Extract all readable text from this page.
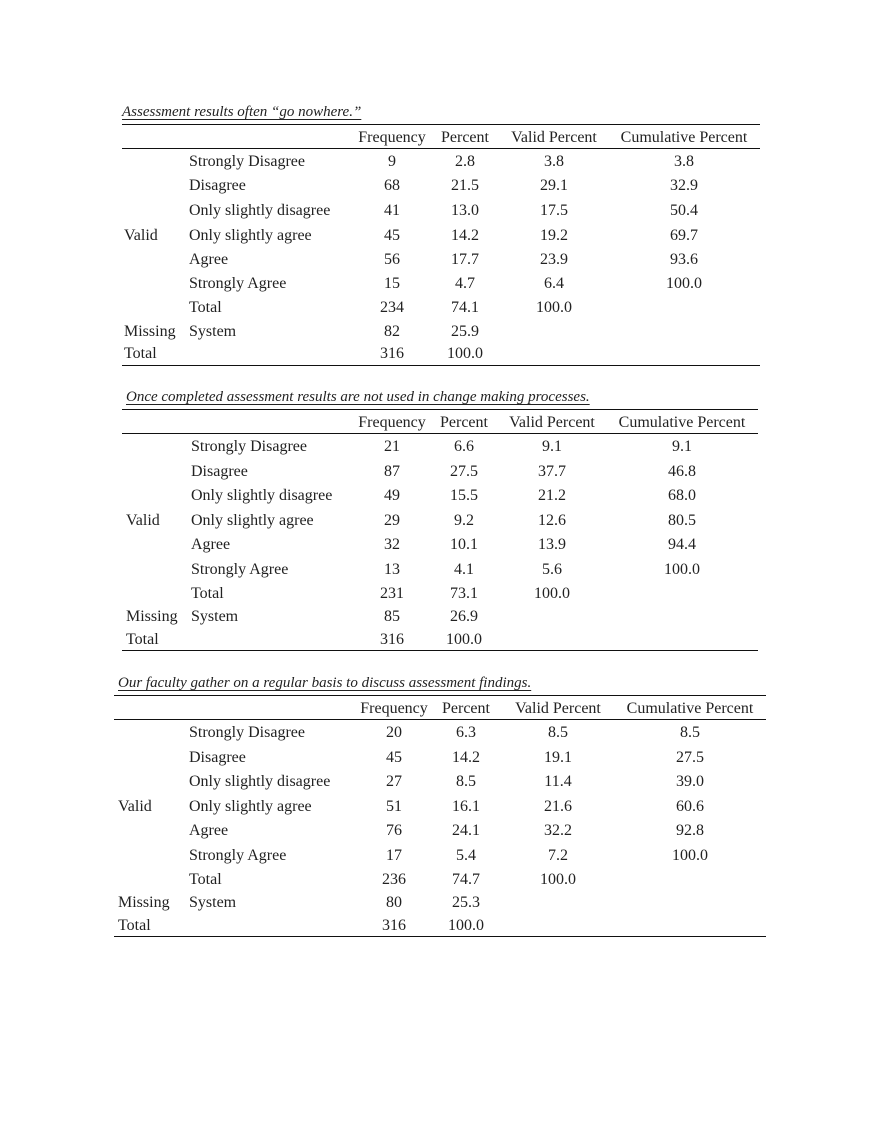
Assessment results often “go nowhere.”
Frequency Percent	Valid Percent	Cumulative Percent
Valid
Strongly Disagree	9	2.8	3.8	3.8
Disagree	68	21.5	29.1	32.9
Only slightly disagree	41	13.0	17.5	50.4
Only slightly agree	45	14.2	19.2	69.7
Agree	56	17.7	23.9	93.6
Strongly Agree	15	4.7	6.4	100.0
Total	234	74.1	100.0
Missing System	82	25.9
Total	316	100.0
Once completed assessment results are not used in change making processes.
Frequency Percent	Valid Percent	Cumulative Percent
Valid
Strongly Disagree	21	6.6	9.1	9.1
Disagree	87	27.5	37.7	46.8
Only slightly disagree	49	15.5	21.2	68.0
Only slightly agree	29	9.2	12.6	80.5
Agree	32	10.1	13.9	94.4
Strongly Agree	13	4.1	5.6	100.0
Total	231	73.1	100.0
Missing System	85	26.9
Total	316	100.0
Our faculty gather on a regular basis to discuss assessment findings.
Frequency Percent	Valid Percent	Cumulative Percent
Valid
Strongly Disagree	20	6.3	8.5	8.5
Disagree	45	14.2	19.1	27.5
Only slightly disagree	27	8.5	11.4	39.0
Only slightly agree	51	16.1	21.6	60.6
Agree	76	24.1	32.2	92.8
Strongly Agree	17	5.4	7.2	100.0
Total	236	74.7	100.0
Missing System	80	25.3
Total	316	100.0
